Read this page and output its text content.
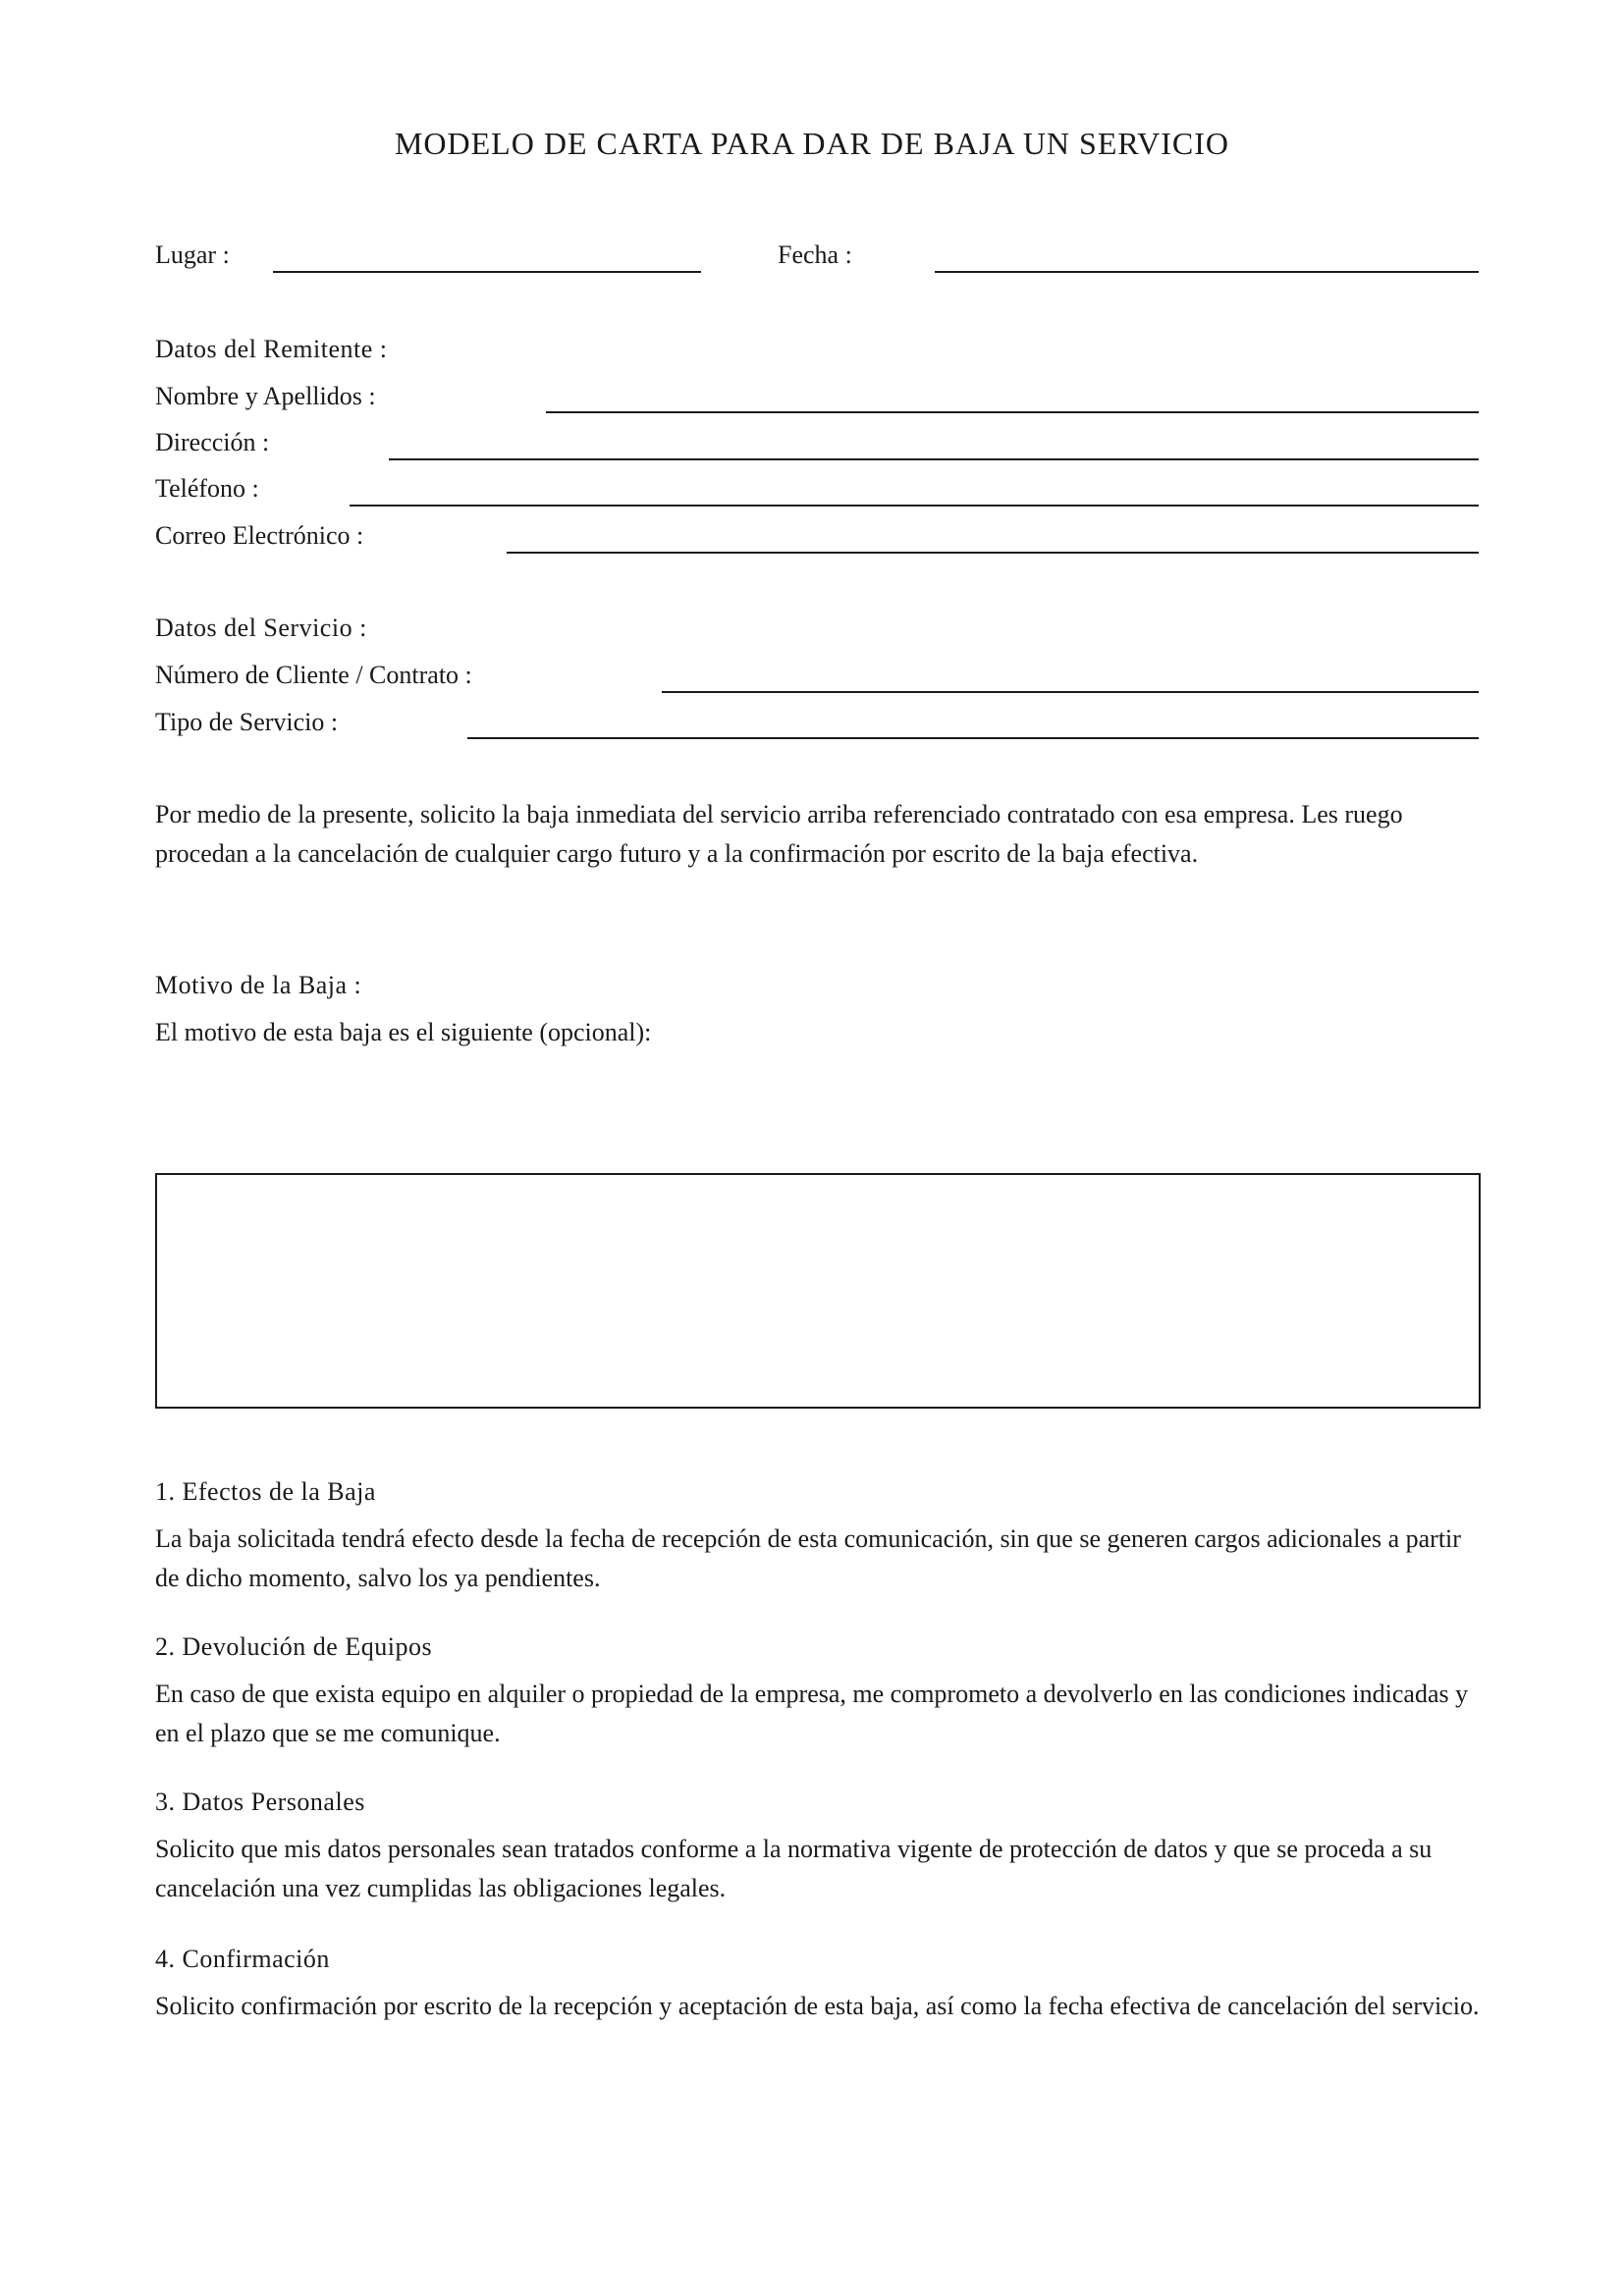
MODELO DE CARTA PARA DAR DE BAJA UN SERVICIO
Lugar :	Fecha :
Datos del Remitente :
Nombre y Apellidos :
Dirección :
Teléfono :
Correo Electrónico :
Datos del Servicio :
Número de Cliente / Contrato :
Tipo de Servicio :
Por medio de la presente, solicito la baja inmediata del servicio arriba referenciado contratado con esa empresa. Les ruego procedan a la cancelación de cualquier cargo futuro y a la confirmación por escrito de la baja efectiva.
Motivo de la Baja :
El motivo de esta baja es el siguiente (opcional):
1. Efectos de la Baja
La baja solicitada tendrá efecto desde la fecha de recepción de esta comunicación, sin que se generen cargos adicionales a partir de dicho momento, salvo los ya pendientes.
2. Devolución de Equipos
En caso de que exista equipo en alquiler o propiedad de la empresa, me comprometo a devolverlo en las condiciones indicadas y en el plazo que se me comunique.
3. Datos Personales
Solicito que mis datos personales sean tratados conforme a la normativa vigente de protección de datos y que se proceda a su cancelación una vez cumplidas las obligaciones legales.
4. Confirmación
Solicito confirmación por escrito de la recepción y aceptación de esta baja, así como la fecha efectiva de cancelación del servicio.
